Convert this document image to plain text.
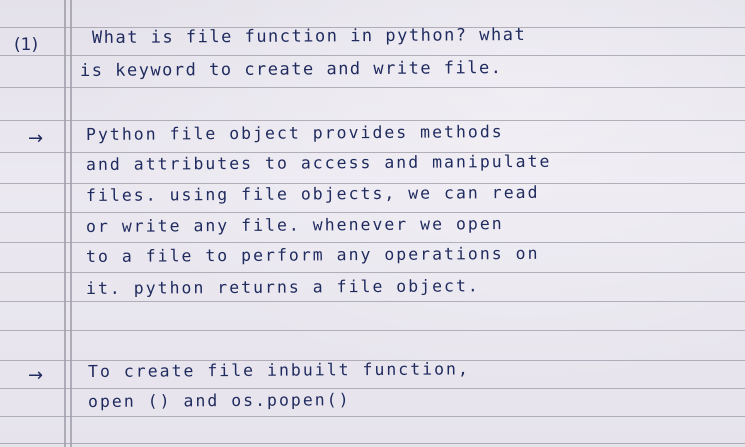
(1)	What is file function in python? what
is keyword to create and write file.
→	Python file object provides methods
and attributes to access and manipulate
files. using file objects, we can read
or write any file. whenever we open
to a file to perform any operations on
it. python returns a file object.
→	To create file inbuilt function,
open () and os.popen()
